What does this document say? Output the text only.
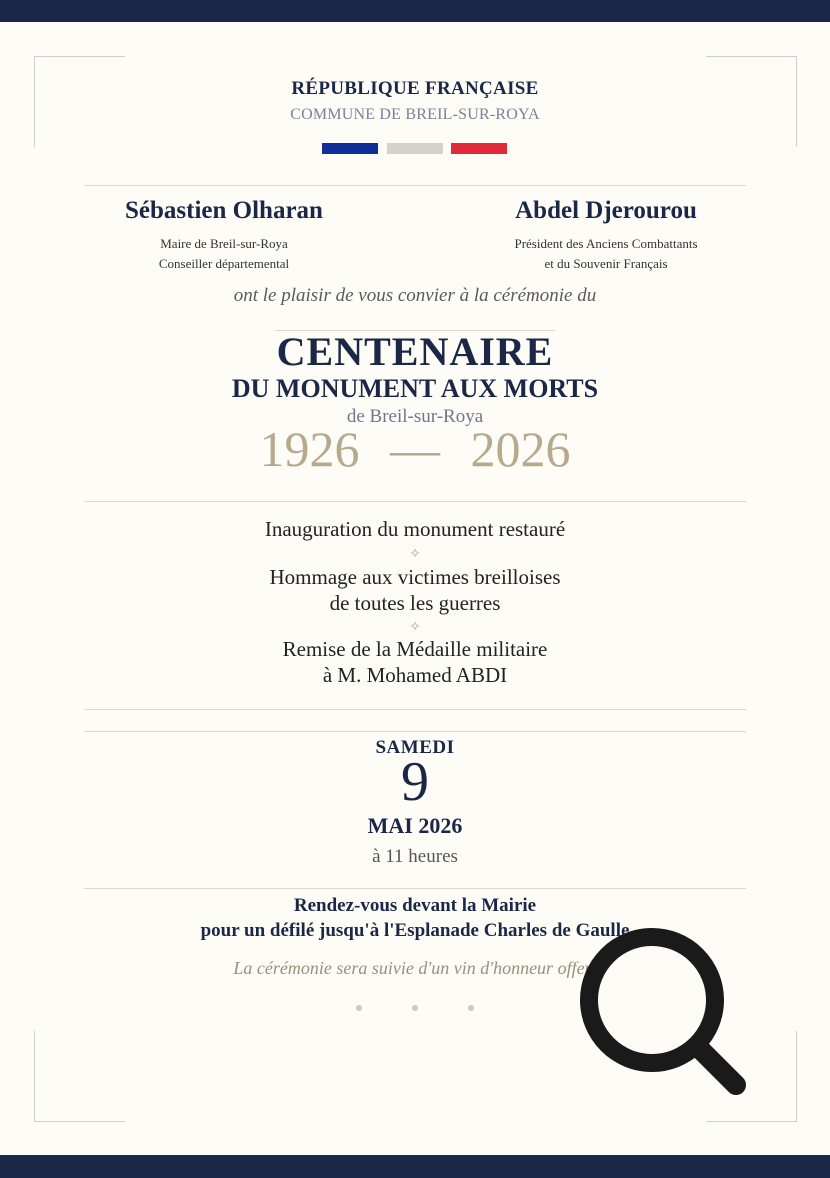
RÉPUBLIQUE FRANÇAISE
COMMUNE DE BREIL-SUR-ROYA
Sébastien Olharan
Maire de Breil-sur-Roya
Conseiller départemental
Abdel Djerourou
Président des Anciens Combattants
et du Souvenir Français
ont le plaisir de vous convier à la cérémonie du
CENTENAIRE
DU MONUMENT AUX MORTS
1926 — 2026
de Breil-sur-Roya
Inauguration du monument restauré
✧
Hommage aux victimes breilloises
de toutes les guerres
✧
Remise de la Médaille militaire
à M. Mohamed ABDI
SAMEDI
9
MAI 2026
à 11 heures
Rendez-vous devant la Mairie
pour un défilé jusqu'à l'Esplanade Charles de Gaulle
La cérémonie sera suivie d'un vin d'honneur offert
